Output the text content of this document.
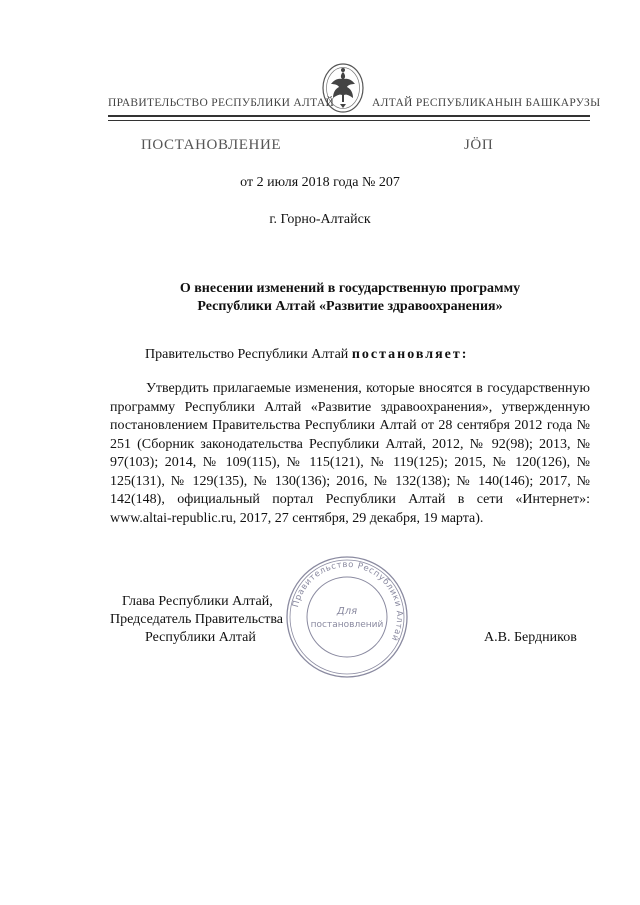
ПРАВИТЕЛЬСТВО РЕСПУБЛИКИ АЛТАЙ	АЛТАЙ РЕСПУБЛИКАНЫН БАШКАРУЗЫ
ПОСТАНОВЛЕНИЕ	ЈӦП
от 2 июля 2018 года № 207
г. Горно-Алтайск
О внесении изменений в государственную программу
Республики Алтай «Развитие здравоохранения»
Правительство Республики Алтай постановляет:

Утвердить прилагаемые изменения, которые вносятся в государственную программу Республики Алтай «Развитие здравоохранения», утвержденную постановлением Правительства Республики Алтай от 28 сентября 2012 года № 251 (Сборник законодательства Республики Алтай, 2012, № 92(98); 2013, № 97(103); 2014, № 109(115), № 115(121), № 119(125); 2015, № 120(126), № 125(131), № 129(135), № 130(136); 2016, № 132(138); № 140(146); 2017, № 142(148), официальный портал Республики Алтай в сети «Интернет»: www.altai-republic.ru, 2017, 27 сентября, 29 декабря, 19 марта).

Глава Республики Алтай,
Председатель Правительства
Республики Алтай	А.В. Бердников
Правительство Республики Алтай
Для
постановлений
